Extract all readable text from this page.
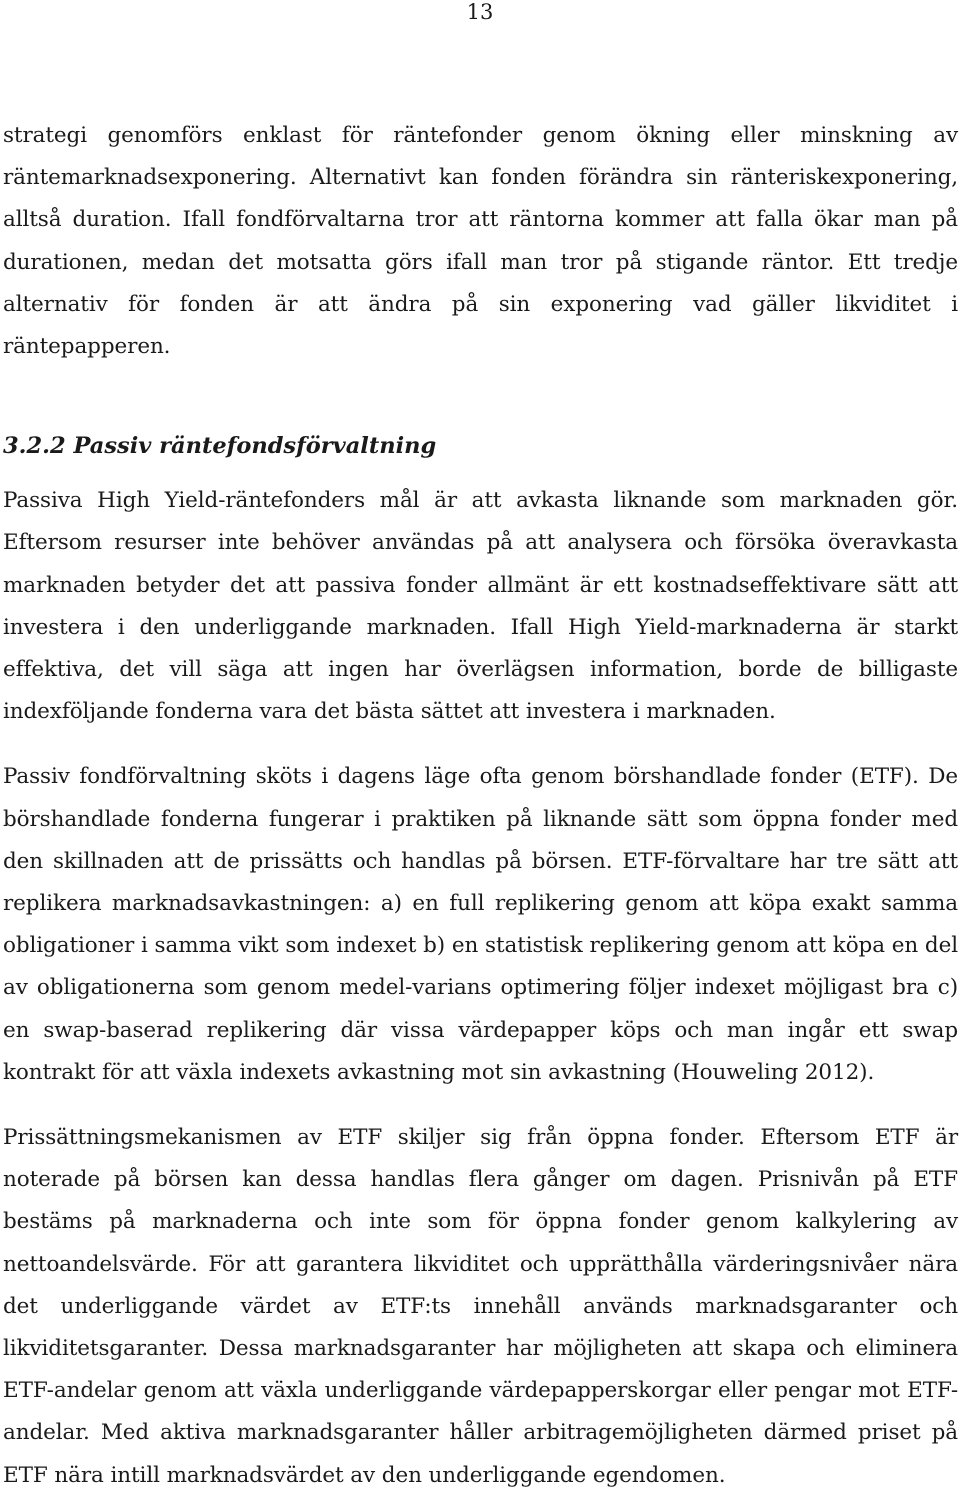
13

strategi genomförs enklast för räntefonder genom ökning eller minskning av räntemarknadsexponering. Alternativt kan fonden förändra sin ränteriskexponering, alltså duration. Ifall fondförvaltarna tror att räntorna kommer att falla ökar man på durationen, medan det motsatta görs ifall man tror på stigande räntor. Ett tredje alternativ för fonden är att ändra på sin exponering vad gäller likviditet i räntepapperen.

3.2.2 Passiv räntefondsförvaltning

Passiva High Yield-räntefonders mål är att avkasta liknande som marknaden gör. Eftersom resurser inte behöver användas på att analysera och försöka överavkasta marknaden betyder det att passiva fonder allmänt är ett kostnadseffektivare sätt att investera i den underliggande marknaden. Ifall High Yield-marknaderna är starkt effektiva, det vill säga att ingen har överlägsen information, borde de billigaste indexföljande fonderna vara det bästa sättet att investera i marknaden.

Passiv fondförvaltning sköts i dagens läge ofta genom börshandlade fonder (ETF). De börshandlade fonderna fungerar i praktiken på liknande sätt som öppna fonder med den skillnaden att de prissätts och handlas på börsen. ETF-förvaltare har tre sätt att replikera marknadsavkastningen: a) en full replikering genom att köpa exakt samma obligationer i samma vikt som indexet b) en statistisk replikering genom att köpa en del av obligationerna som genom medel-varians optimering följer indexet möjligast bra c) en swap-baserad replikering där vissa värdepapper köps och man ingår ett swap kontrakt för att växla indexets avkastning mot sin avkastning (Houweling 2012).

Prissättningsmekanismen av ETF skiljer sig från öppna fonder. Eftersom ETF är noterade på börsen kan dessa handlas flera gånger om dagen. Prisnivån på ETF bestäms på marknaderna och inte som för öppna fonder genom kalkylering av nettoandelsvärde. För att garantera likviditet och upprätthålla värderingsnivåer nära det underliggande värdet av ETF:ts innehåll används marknadsgaranter och likviditetsgaranter. Dessa marknadsgaranter har möjligheten att skapa och eliminera ETF-andelar genom att växla underliggande värdepapperskorgar eller pengar mot ETF-andelar. Med aktiva marknadsgaranter håller arbitragemöjligheten därmed priset på ETF nära intill marknadsvärdet av den underliggande egendomen.
